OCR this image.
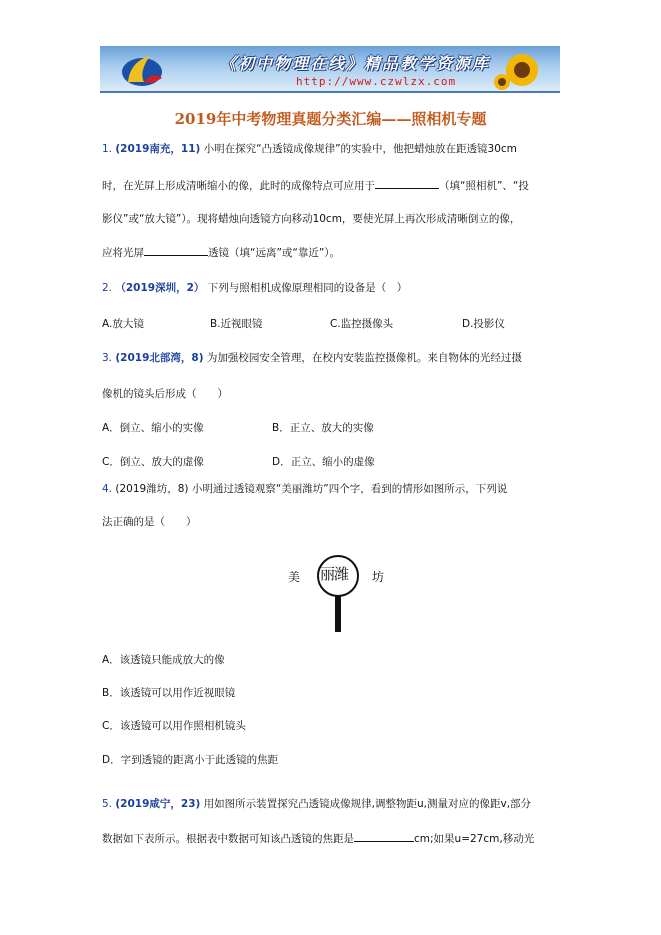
《初中物理在线》精品教学资源库
http://www.czwlzx.com
2019年中考物理真题分类汇编——照相机专题
1. (2019南充，11) 小明在探究“凸透镜成像规律”的实验中，他把蜡烛放在距透镜30cm
时，在光屏上形成清晰缩小的像，此时的成像特点可应用于	（填“照相机”、“投
影仪”或“放大镜”）。现将蜡烛向透镜方向移动10cm，要使光屏上再次形成清晰倒立的像，
应将光屏	透镜（填“远离”或“靠近”）。
2. （2019深圳，2） 下列与照相机成像原理相同的设备是（　）
A.放大镜	B.近视眼镜	C.监控摄像头	D.投影仪
3. (2019北部湾，8) 为加强校园安全管理，在校内安装监控摄像机。来自物体的光经过摄
像机的镜头后形成（　　）
A．倒立、缩小的实像	B．正立、放大的实像
C．倒立、放大的虚像	D．正立、缩小的虚像
4. (2019潍坊，8) 小明通过透镜观察“美丽潍坊”四个字，看到的情形如图所示，下列说
法正确的是（　　）
美 丽潍 坊
A．该透镜只能成放大的像
B．该透镜可以用作近视眼镜
C．该透镜可以用作照相机镜头
D．字到透镜的距离小于此透镜的焦距
5. (2019咸宁，23) 用如图所示装置探究凸透镜成像规律,调整物距u,测量对应的像距v,部分
数据如下表所示。根据表中数据可知该凸透镜的焦距是	cm;如果u=27cm,移动光
